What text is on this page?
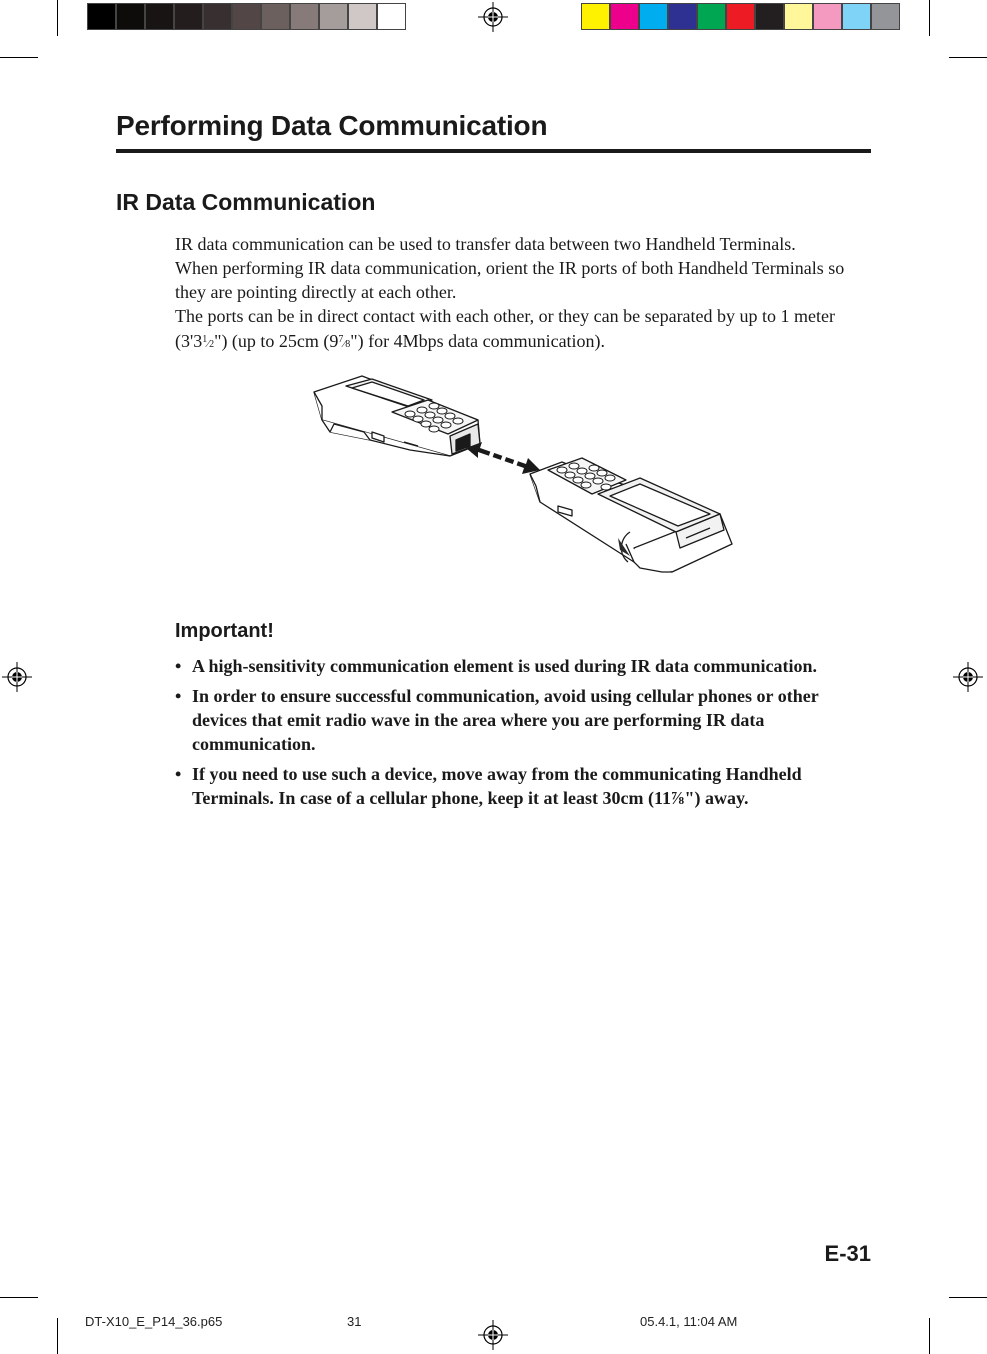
Performing Data Communication
IR Data Communication

IR data communication can be used to transfer data between two Handheld Terminals.

When performing IR data communication, orient the IR ports of both Handheld Terminals so they are pointing directly at each other.

The ports can be in direct contact with each other, or they can be separated by up to 1 meter $(3'3^1⁄2")$ (up to 25cm $(9^7⁄8")$ for 4Mbps data communication).

Important!
• A high-sensitivity communication element is used during IR data communication.
• In order to ensure successful communication, avoid using cellular phones or other devices that emit radio wave in the area where you are performing IR data communication.
• If you need to use such a device, move away from the communicating Handheld Terminals. In case of a cellular phone, keep it at least 30cm (11⅞") away.
E-31
DT-X10_E_P14_36.p65	31	05.4.1, 11:04 AM
